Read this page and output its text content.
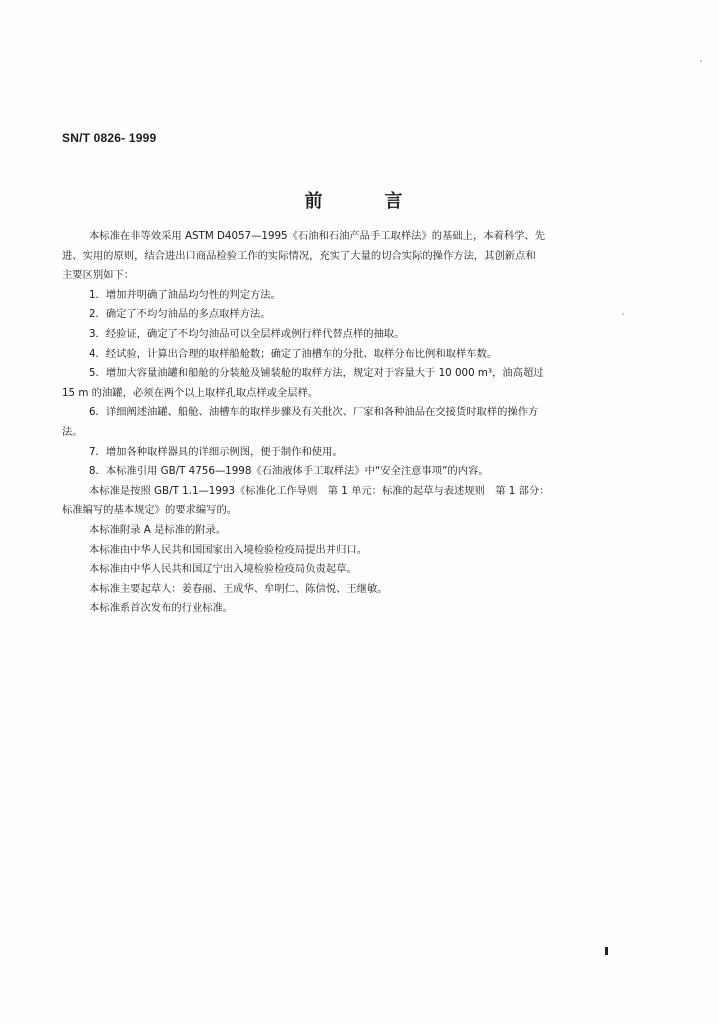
SN/T 0826- 1999
前言
本标准在非等效采用 ASTM D4057—1995《石油和石油产品手工取样法》的基础上，本着科学、先
进、实用的原则，结合进出口商品检验工作的实际情况，充实了大量的切合实际的操作方法，其创新点和
主要区别如下：
1．增加并明确了油品均匀性的判定方法。
2．确定了不均匀油品的多点取样方法。
3．经验证，确定了不均匀油品可以全层样或例行样代替点样的抽取。
4．经试验，计算出合理的取样船舱数；确定了油槽车的分批、取样分布比例和取样车数。
5．增加大容量油罐和船舱的分装舱及铺装舱的取样方法，规定对于容量大于 10 000 m³，油高超过
15 m 的油罐，必须在两个以上取样孔取点样或全层样。
6．详细阐述油罐、船舱、油槽车的取样步骤及有关批次、厂家和各种油品在交接货时取样的操作方
法。
7．增加各种取样器具的详细示例图，便于制作和使用。
8．本标准引用 GB/T 4756—1998《石油液体手工取样法》中“安全注意事项”的内容。
本标准是按照 GB/T 1.1—1993《标准化工作导则　第 1 单元：标准的起草与表述规则　第 1 部分：
标准编写的基本规定》的要求编写的。
本标准附录 A 是标准的附录。
本标准由中华人民共和国国家出入境检验检疫局提出并归口。
本标准由中华人民共和国辽宁出入境检验检疫局负责起草。
本标准主要起草人：姜春丽、王成华、牟明仁、陈信悦、王继敏。
本标准系首次发布的行业标准。
